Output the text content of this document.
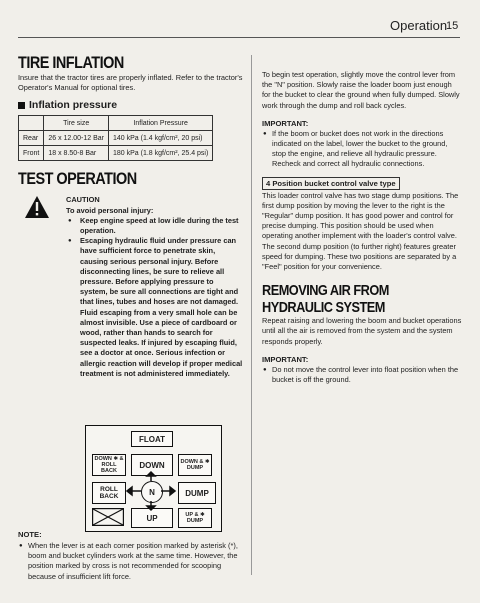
Operation
15
TIRE INFLATION

Insure that the tractor tires are properly inflated. Refer to the tractor's Operator's Manual for optional tires.

Inflation pressure
	Tire size	Inflation Pressure
Rear	26 x 12.00-12 Bar	140 kPa (1.4 kgf/cm², 20 psi)
Front	18 x 8.50-8 Bar	180 kPa (1.8 kgf/cm², 25.4 psi)
TEST OPERATION
CAUTION
To avoid personal injury:
● Keep engine speed at low idle during the test operation.
● Escaping hydraulic fluid under pressure can have sufficient force to penetrate skin, causing serious personal injury. Before disconnecting lines, be sure to relieve all pressure. Before applying pressure to system, be sure all connections are tight and that lines, tubes and hoses are not damaged. Fluid escaping from a very small hole can be almost invisible. Use a piece of cardboard or wood, rather than hands to search for suspected leaks. If injured by escaping fluid, see a doctor at once. Serious infection or allergic reaction will develop if proper medical treatment is not administered immediately.
FLOAT
DOWN ✱ & ROLL BACK
DOWN	DOWN & ✱ DUMP
ROLL BACK	N	DUMP
UP	UP & ✱ DUMP

NOTE:

● When the lever is at each corner position marked by asterisk (*), boom and bucket cylinders work at the same time. However, the position marked by cross is not recommended for scooping because of insufficient lift force.

To begin test operation, slightly move the control lever from the "N" position. Slowly raise the loader boom just enough for the bucket to clear the ground when fully dumped. Slowly work through the dump and roll back cycles.

IMPORTANT:

● If the boom or bucket does not work in the directions indicated on the label, lower the bucket to the ground, stop the engine, and relieve all hydraulic pressure. Recheck and correct all hydraulic connections.
4 Position bucket control valve type

This loader control valve has two stage dump positions. The first dump position by moving the lever to the right is the "Regular" dump position. It has good power and control for precise dumping. This position should be used when operating another implement with the loader's control valve. The second dump position (to further right) features greater speed for dumping. These two positions are separated by a "Feel" position for your convenience.

REMOVING AIR FROM HYDRAULIC SYSTEM

Repeat raising and lowering the boom and bucket operations until all the air is removed from the system and the system responds properly.

IMPORTANT:

● Do not move the control lever into float position when the bucket is off the ground.
